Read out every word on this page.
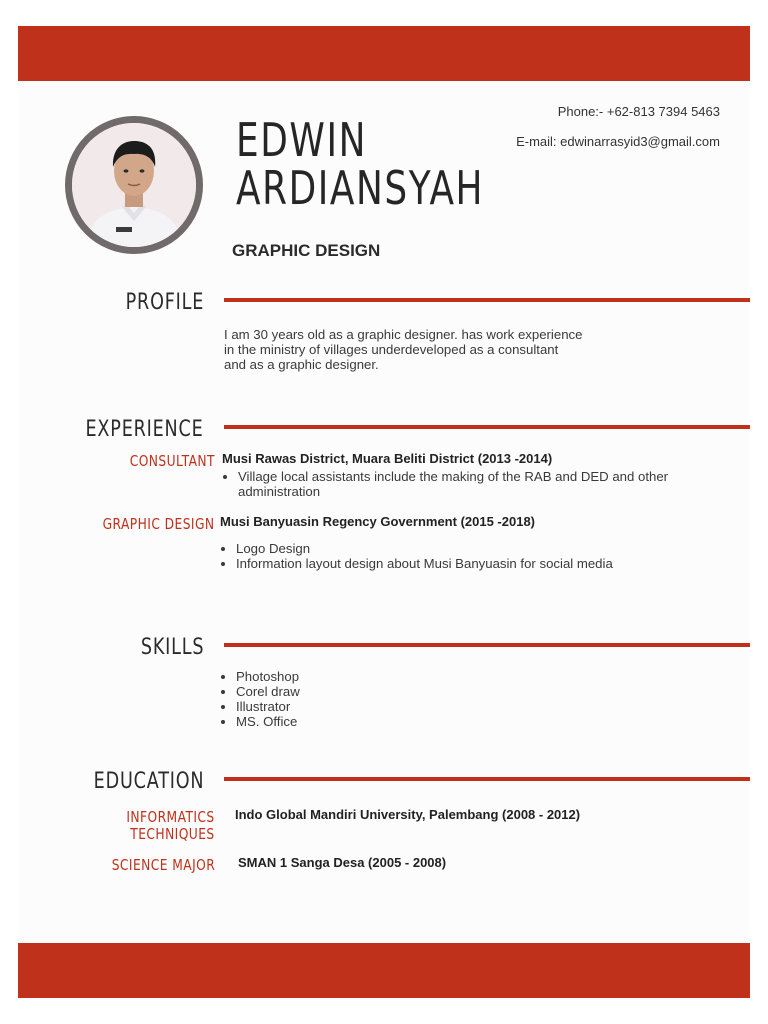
EDWIN
ARDIANSYAH
GRAPHIC DESIGN
Phone:- +62-813 7394 5463
E-mail: edwinarrasyid3@gmail.com
PROFILE
I am 30 years old as a graphic designer. has work experience
in the ministry of villages underdeveloped as a consultant
and as a graphic designer.
EXPERIENCE
CONSULTANT Musi Rawas District, Muara Beliti District (2013 -2014)
• Village local assistants include the making of the RAB and DED and other administration
GRAPHIC DESIGN Musi Banyuasin Regency Government (2015 -2018)
• Logo Design
• Information layout design about Musi Banyuasin for social media
SKILLS
• Photoshop
• Corel draw
• Illustrator
• MS. Office
EDUCATION
INFORMATICS
TECHNIQUES
Indo Global Mandiri University, Palembang (2008 - 2012)
SCIENCE MAJOR SMAN 1 Sanga Desa (2005 - 2008)
